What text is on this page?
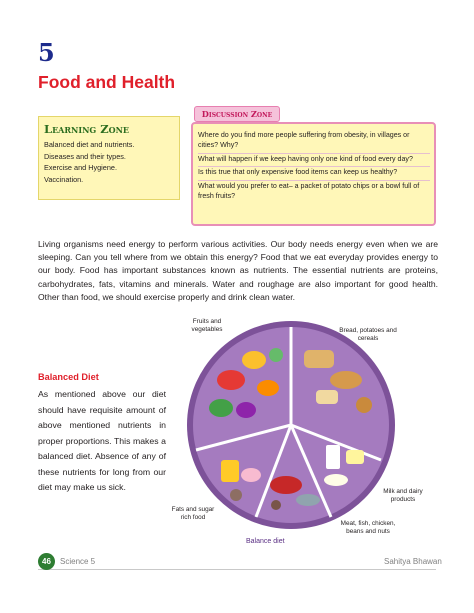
5
Food and Health
Learning Zone
Balanced diet and nutrients.
Diseases and their types.
Exercise and Hygiene.
Vaccination.
Where do you find more people suffering from obesity, in villages or cities? Why?
What will happen if we keep having only one kind of food every day?
Is this true that only expensive food items can keep us healthy?
What would you prefer to eat– a packet of potato chips or a bowl full of fresh fruits?
Discussion Zone
Living organisms need energy to perform various activities. Our body needs energy even when we are sleeping. Can you tell where from we obtain this energy? Food that we eat everyday provides energy to our body. Food has important substances known as nutrients. The essential nutrients are proteins, carbohydrates, fats, vitamins and minerals. Water and roughage are also important for good health. Other than food, we should exercise properly and drink clean water.
Balanced Diet
As mentioned above our diet should have requisite amount of above mentioned nutrients in proper proportions. This makes a balanced diet. Absence of any of these nutrients for long from our diet may make us sick.
Fruits and vegetables	Bread, potatoes and cereals
Milk and dairy products
Meat, fish, chicken, beans and nuts
Fats and sugar rich food
Balance diet
46	Science 5	Sahitya Bhawan
